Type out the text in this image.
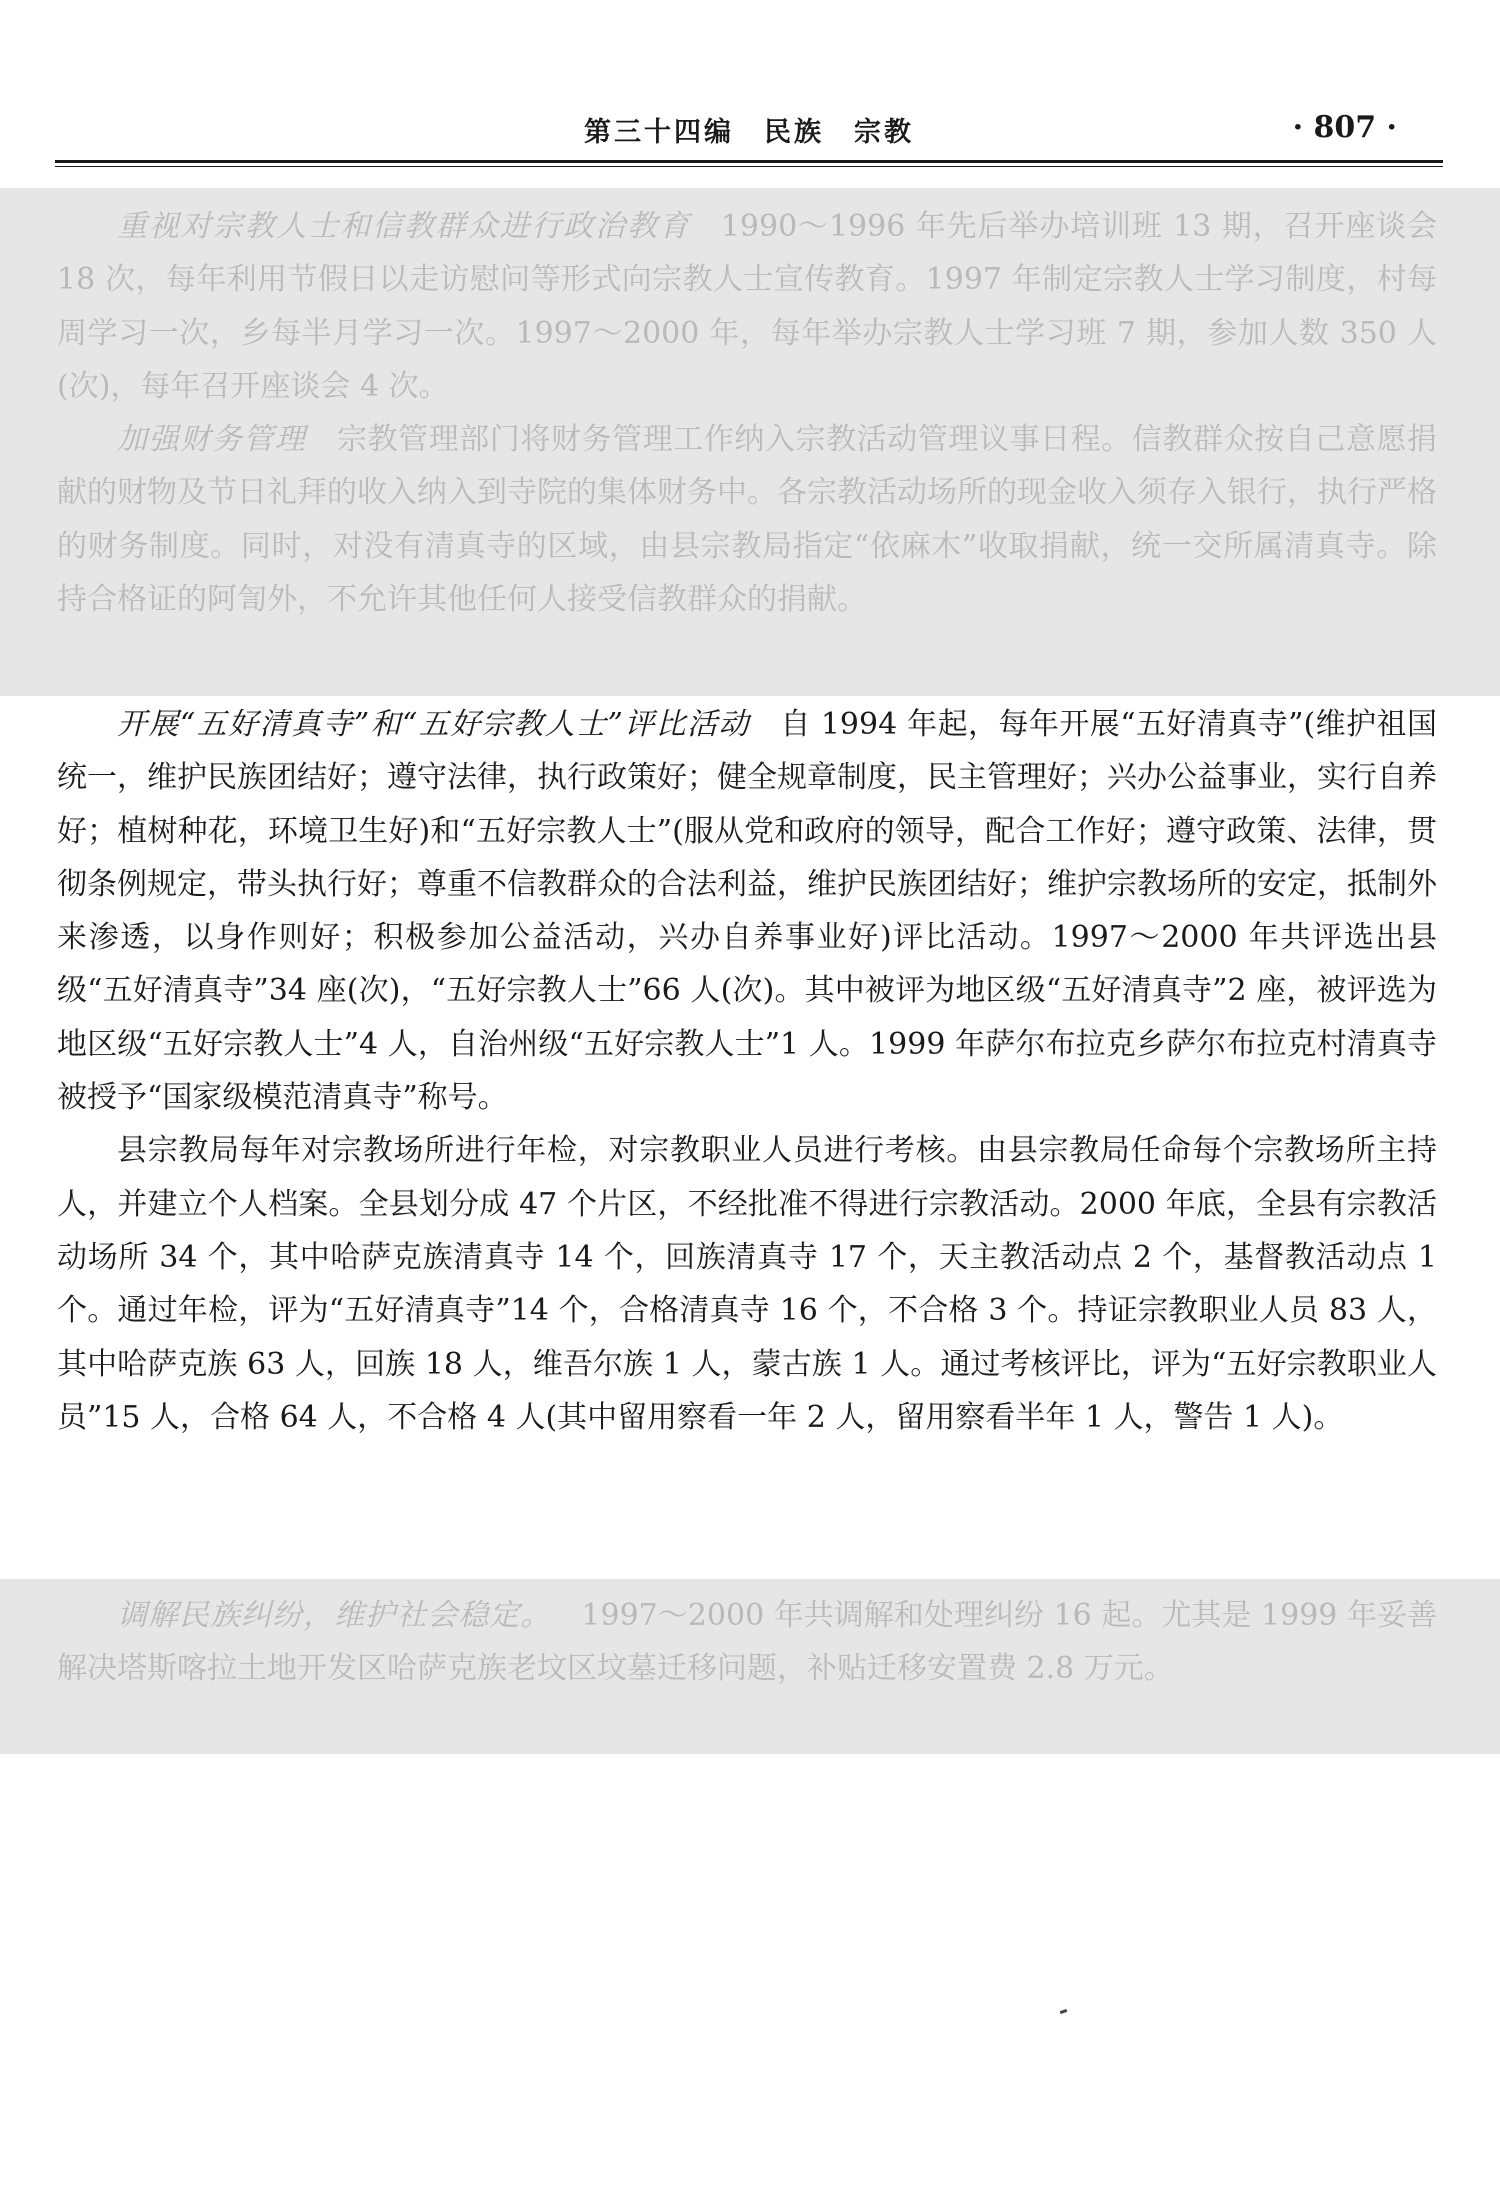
第三十四编　民族　宗教	· 807 ·

重视对宗教人士和信教群众进行政治教育 1990～1996 年先后举办培训班 13 期，召开座谈会 18 次，每年利用节假日以走访慰问等形式向宗教人士宣传教育。1997 年制定宗教人士学习制度，村每周学习一次，乡每半月学习一次。1997～2000 年，每年举办宗教人士学习班 7 期，参加人数 350 人(次)，每年召开座谈会 4 次。

加强财务管理 宗教管理部门将财务管理工作纳入宗教活动管理议事日程。信教群众按自己意愿捐献的财物及节日礼拜的收入纳入到寺院的集体财务中。各宗教活动场所的现金收入须存入银行，执行严格的财务制度。同时，对没有清真寺的区域，由县宗教局指定“依麻木”收取捐献，统一交所属清真寺。除持合格证的阿訇外，不允许其他任何人接受信教群众的捐献。

开展“五好清真寺”和“五好宗教人士”评比活动 自 1994 年起，每年开展“五好清真寺”(维护祖国统一，维护民族团结好；遵守法律，执行政策好；健全规章制度，民主管理好；兴办公益事业，实行自养好；植树种花，环境卫生好)和“五好宗教人士”(服从党和政府的领导，配合工作好；遵守政策、法律，贯彻条例规定，带头执行好；尊重不信教群众的合法利益，维护民族团结好；维护宗教场所的安定，抵制外来渗透，以身作则好；积极参加公益活动，兴办自养事业好)评比活动。1997～2000 年共评选出县级“五好清真寺”34 座(次)，“五好宗教人士”66 人(次)。其中被评为地区级“五好清真寺”2 座，被评选为地区级“五好宗教人士”4 人，自治州级“五好宗教人士”1 人。1999 年萨尔布拉克乡萨尔布拉克村清真寺被授予“国家级模范清真寺”称号。

县宗教局每年对宗教场所进行年检，对宗教职业人员进行考核。由县宗教局任命每个宗教场所主持人，并建立个人档案。全县划分成 47 个片区，不经批准不得进行宗教活动。2000 年底，全县有宗教活动场所 34 个，其中哈萨克族清真寺 14 个，回族清真寺 17 个，天主教活动点 2 个，基督教活动点 1 个。通过年检，评为“五好清真寺”14 个，合格清真寺 16 个，不合格 3 个。持证宗教职业人员 83 人，其中哈萨克族 63 人，回族 18 人，维吾尔族 1 人，蒙古族 1 人。通过考核评比，评为“五好宗教职业人员”15 人，合格 64 人，不合格 4 人(其中留用察看一年 2 人，留用察看半年 1 人，警告 1 人)。

调解民族纠纷，维护社会稳定。 1997～2000 年共调解和处理纠纷 16 起。尤其是 1999 年妥善解决塔斯喀拉土地开发区哈萨克族老坟区坟墓迁移问题，补贴迁移安置费 2.8 万元。
